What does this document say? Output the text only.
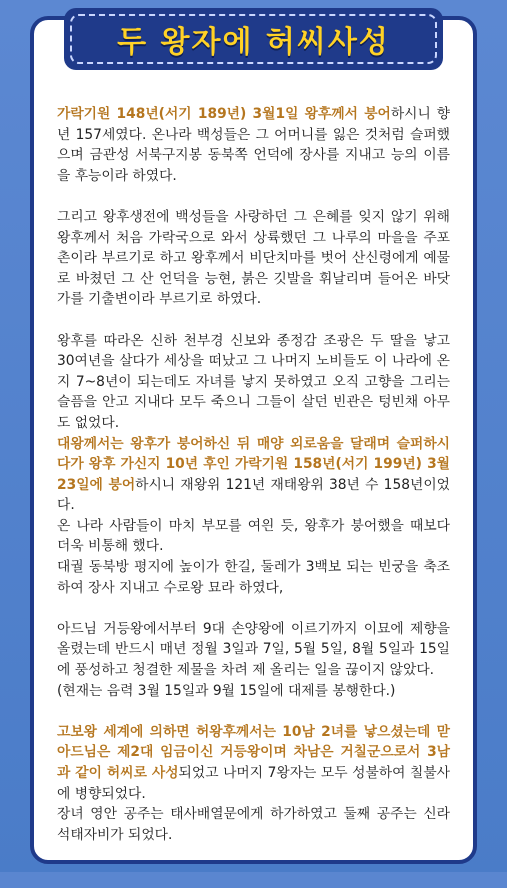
두 왕자에 허씨사성

가락기원 148년(서기 189년) 3월1일 왕후께서 붕어하시니 향년 157세였다. 온나라 백성들은 그 어머니를 잃은 것처럼 슬퍼했으며 금관성 서북구지봉 동북쪽 언덕에 장사를 지내고 능의 이름을 후능이라 하였다.

그리고 왕후생전에 백성들을 사랑하던 그 은혜를 잊지 않기 위해 왕후께서 처음 가락국으로 와서 상륙했던 그 나루의 마을을 주포촌이라 부르기로 하고 왕후께서 비단치마를 벗어 산신령에게 예물로 바쳤던 그 산 언덕을 능현, 붉은 깃발을 휘날리며 들어온 바닷가를 기출변이라 부르기로 하였다.

왕후를 따라온 신하 천부경 신보와 종정감 조광은 두 딸을 낳고 30여년을 살다가 세상을 떠났고 그 나머지 노비들도 이 나라에 온지 7~8년이 되는데도 자녀를 낳지 못하였고 오직 고향을 그리는 슬픔을 안고 지내다 모두 죽으니 그들이 살던 빈관은 텅빈채 아무도 없었다.

대왕께서는 왕후가 붕어하신 뒤 매양 외로움을 달래며 슬퍼하시다가 왕후 가신지 10년 후인 가락기원 158년(서기 199년) 3월 23일에 붕어하시니 재왕위 121년 재태왕위 38년 수 158년이었다.

온 나라 사람들이 마치 부모를 여읜 듯, 왕후가 붕어했을 때보다 더욱 비통해 했다.

대궐 동북방 평지에 높이가 한길, 둘레가 3백보 되는 빈궁을 축조하여 장사 지내고 수로왕 묘라 하였다,

아드님 거등왕에서부터 9대 손양왕에 이르기까지 이묘에 제향을 올렸는데 반드시 매년 정월 3일과 7일, 5월 5일, 8월 5일과 15일에 풍성하고 청결한 제물을 차려 제 올리는 일을 끊이지 않았다.

(현재는 음력 3월 15일과 9월 15일에 대제를 봉행한다.)

고보왕 세계에 의하면 허왕후께서는 10남 2녀를 낳으셨는데 맏아드님은 제2대 임금이신 거등왕이며 차남은 거칠군으로서 3남과 같이 허씨로 사성되었고 나머지 7왕자는 모두 성불하여 칠불사에 병향되었다.

장녀 영안 공주는 태사배열문에게 하가하였고 둘째 공주는 신라 석태자비가 되었다.
